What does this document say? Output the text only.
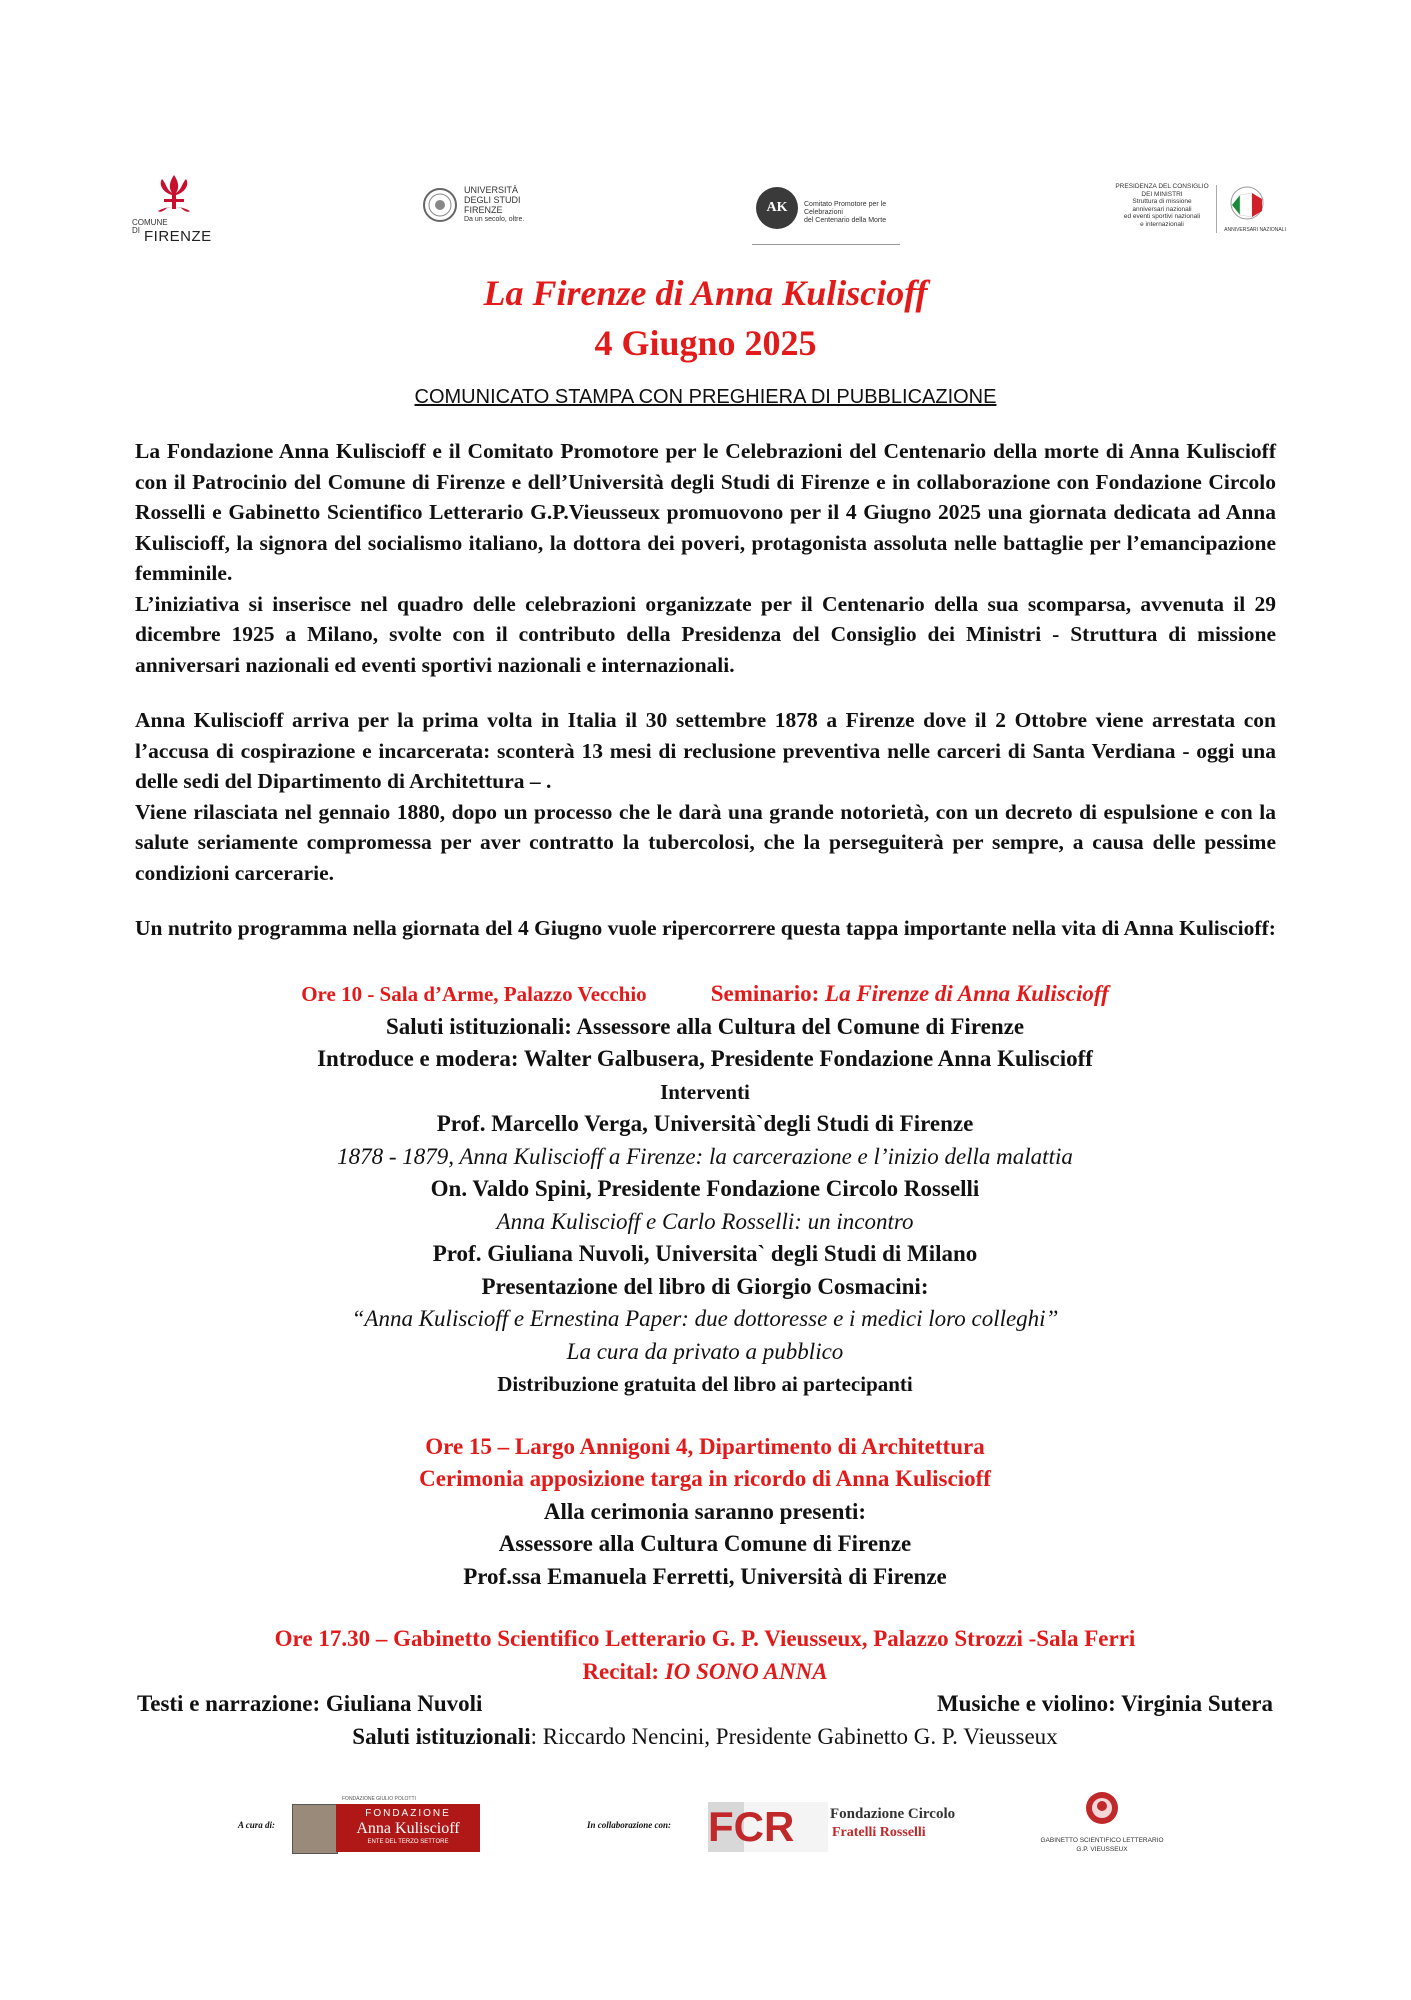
COMUNE
DI FIRENZE
UNIVERSITÀ
DEGLI STUDI
FIRENZE
Da un secolo, oltre.
AK	Comitato Promotore per le Celebrazioni
del Centenario della Morte
PRESIDENZA DEL CONSIGLIO
DEI MINISTRI
Struttura di missione
anniversari nazionali
ed eventi sportivi nazionali
e internazionali
ANNIVERSARI NAZIONALI
La Firenze di Anna Kuliscioff
4 Giugno 2025
COMUNICATO STAMPA CON PREGHIERA DI PUBBLICAZIONE

La Fondazione Anna Kuliscioff e il Comitato Promotore per le Celebrazioni del Centenario della morte di Anna Kuliscioff con il Patrocinio del Comune di Firenze e dell’Università degli Studi di Firenze e in collaborazione con Fondazione Circolo Rosselli e Gabinetto Scientifico Letterario G.P.Vieusseux promuovono per il 4 Giugno 2025 una giornata dedicata ad Anna Kuliscioff, la signora del socialismo italiano, la dottora dei poveri, protagonista assoluta nelle battaglie per l’emancipazione femminile.

L’iniziativa si inserisce nel quadro delle celebrazioni organizzate per il Centenario della sua scomparsa, avvenuta il 29 dicembre 1925 a Milano, svolte con il contributo della Presidenza del Consiglio dei Ministri - Struttura di missione anniversari nazionali ed eventi sportivi nazionali e internazionali.

Anna Kuliscioff arriva per la prima volta in Italia il 30 settembre 1878 a Firenze dove il 2 Ottobre viene arrestata con l’accusa di cospirazione e incarcerata: sconterà 13 mesi di reclusione preventiva nelle carceri di Santa Verdiana - oggi una delle sedi del Dipartimento di Architettura – .

Viene rilasciata nel gennaio 1880, dopo un processo che le darà una grande notorietà, con un decreto di espulsione e con la salute seriamente compromessa per aver contratto la tubercolosi, che la perseguiterà per sempre, a causa delle pessime condizioni carcerarie.

Un nutrito programma nella giornata del 4 Giugno vuole ripercorrere questa tappa importante nella vita di Anna Kuliscioff:

Ore 10 - Sala d’Arme, Palazzo Vecchio	Seminario: La Firenze di Anna Kuliscioff
Saluti istituzionali: Assessore alla Cultura del Comune di Firenze
Introduce e modera: Walter Galbusera, Presidente Fondazione Anna Kuliscioff
Interventi
Prof. Marcello Verga, Università`degli Studi di Firenze
1878 - 1879, Anna Kuliscioff a Firenze: la carcerazione e l’inizio della malattia
On. Valdo Spini, Presidente Fondazione Circolo Rosselli
Anna Kuliscioff e Carlo Rosselli: un incontro
Prof. Giuliana Nuvoli, Universita` degli Studi di Milano
Presentazione del libro di Giorgio Cosmacini:
“Anna Kuliscioff e Ernestina Paper: due dottoresse e i medici loro colleghi”
La cura da privato a pubblico
Distribuzione gratuita del libro ai partecipanti
Ore 15 – Largo Annigoni 4, Dipartimento di Architettura
Cerimonia apposizione targa in ricordo di Anna Kuliscioff
Alla cerimonia saranno presenti:
Assessore alla Cultura Comune di Firenze
Prof.ssa Emanuela Ferretti, Università di Firenze
Ore 17.30 – Gabinetto Scientifico Letterario G. P. Vieusseux, Palazzo Strozzi -Sala Ferri
Recital: IO SONO ANNA
Testi e narrazione: Giuliana Nuvoli	Musiche e violino: Virginia Sutera
Saluti istituzionali: Riccardo Nencini, Presidente Gabinetto G. P. Vieusseux
A cura di:
FONDAZIONE GIULIO POLOTTI
FONDAZIONE
Anna Kuliscioff
ENTE DEL TERZO SETTORE
In collaborazione con: FCR	Fondazione Circolo
Fratelli Rosselli
GABINETTO SCIENTIFICO LETTERARIO
G.P. VIEUSSEUX
